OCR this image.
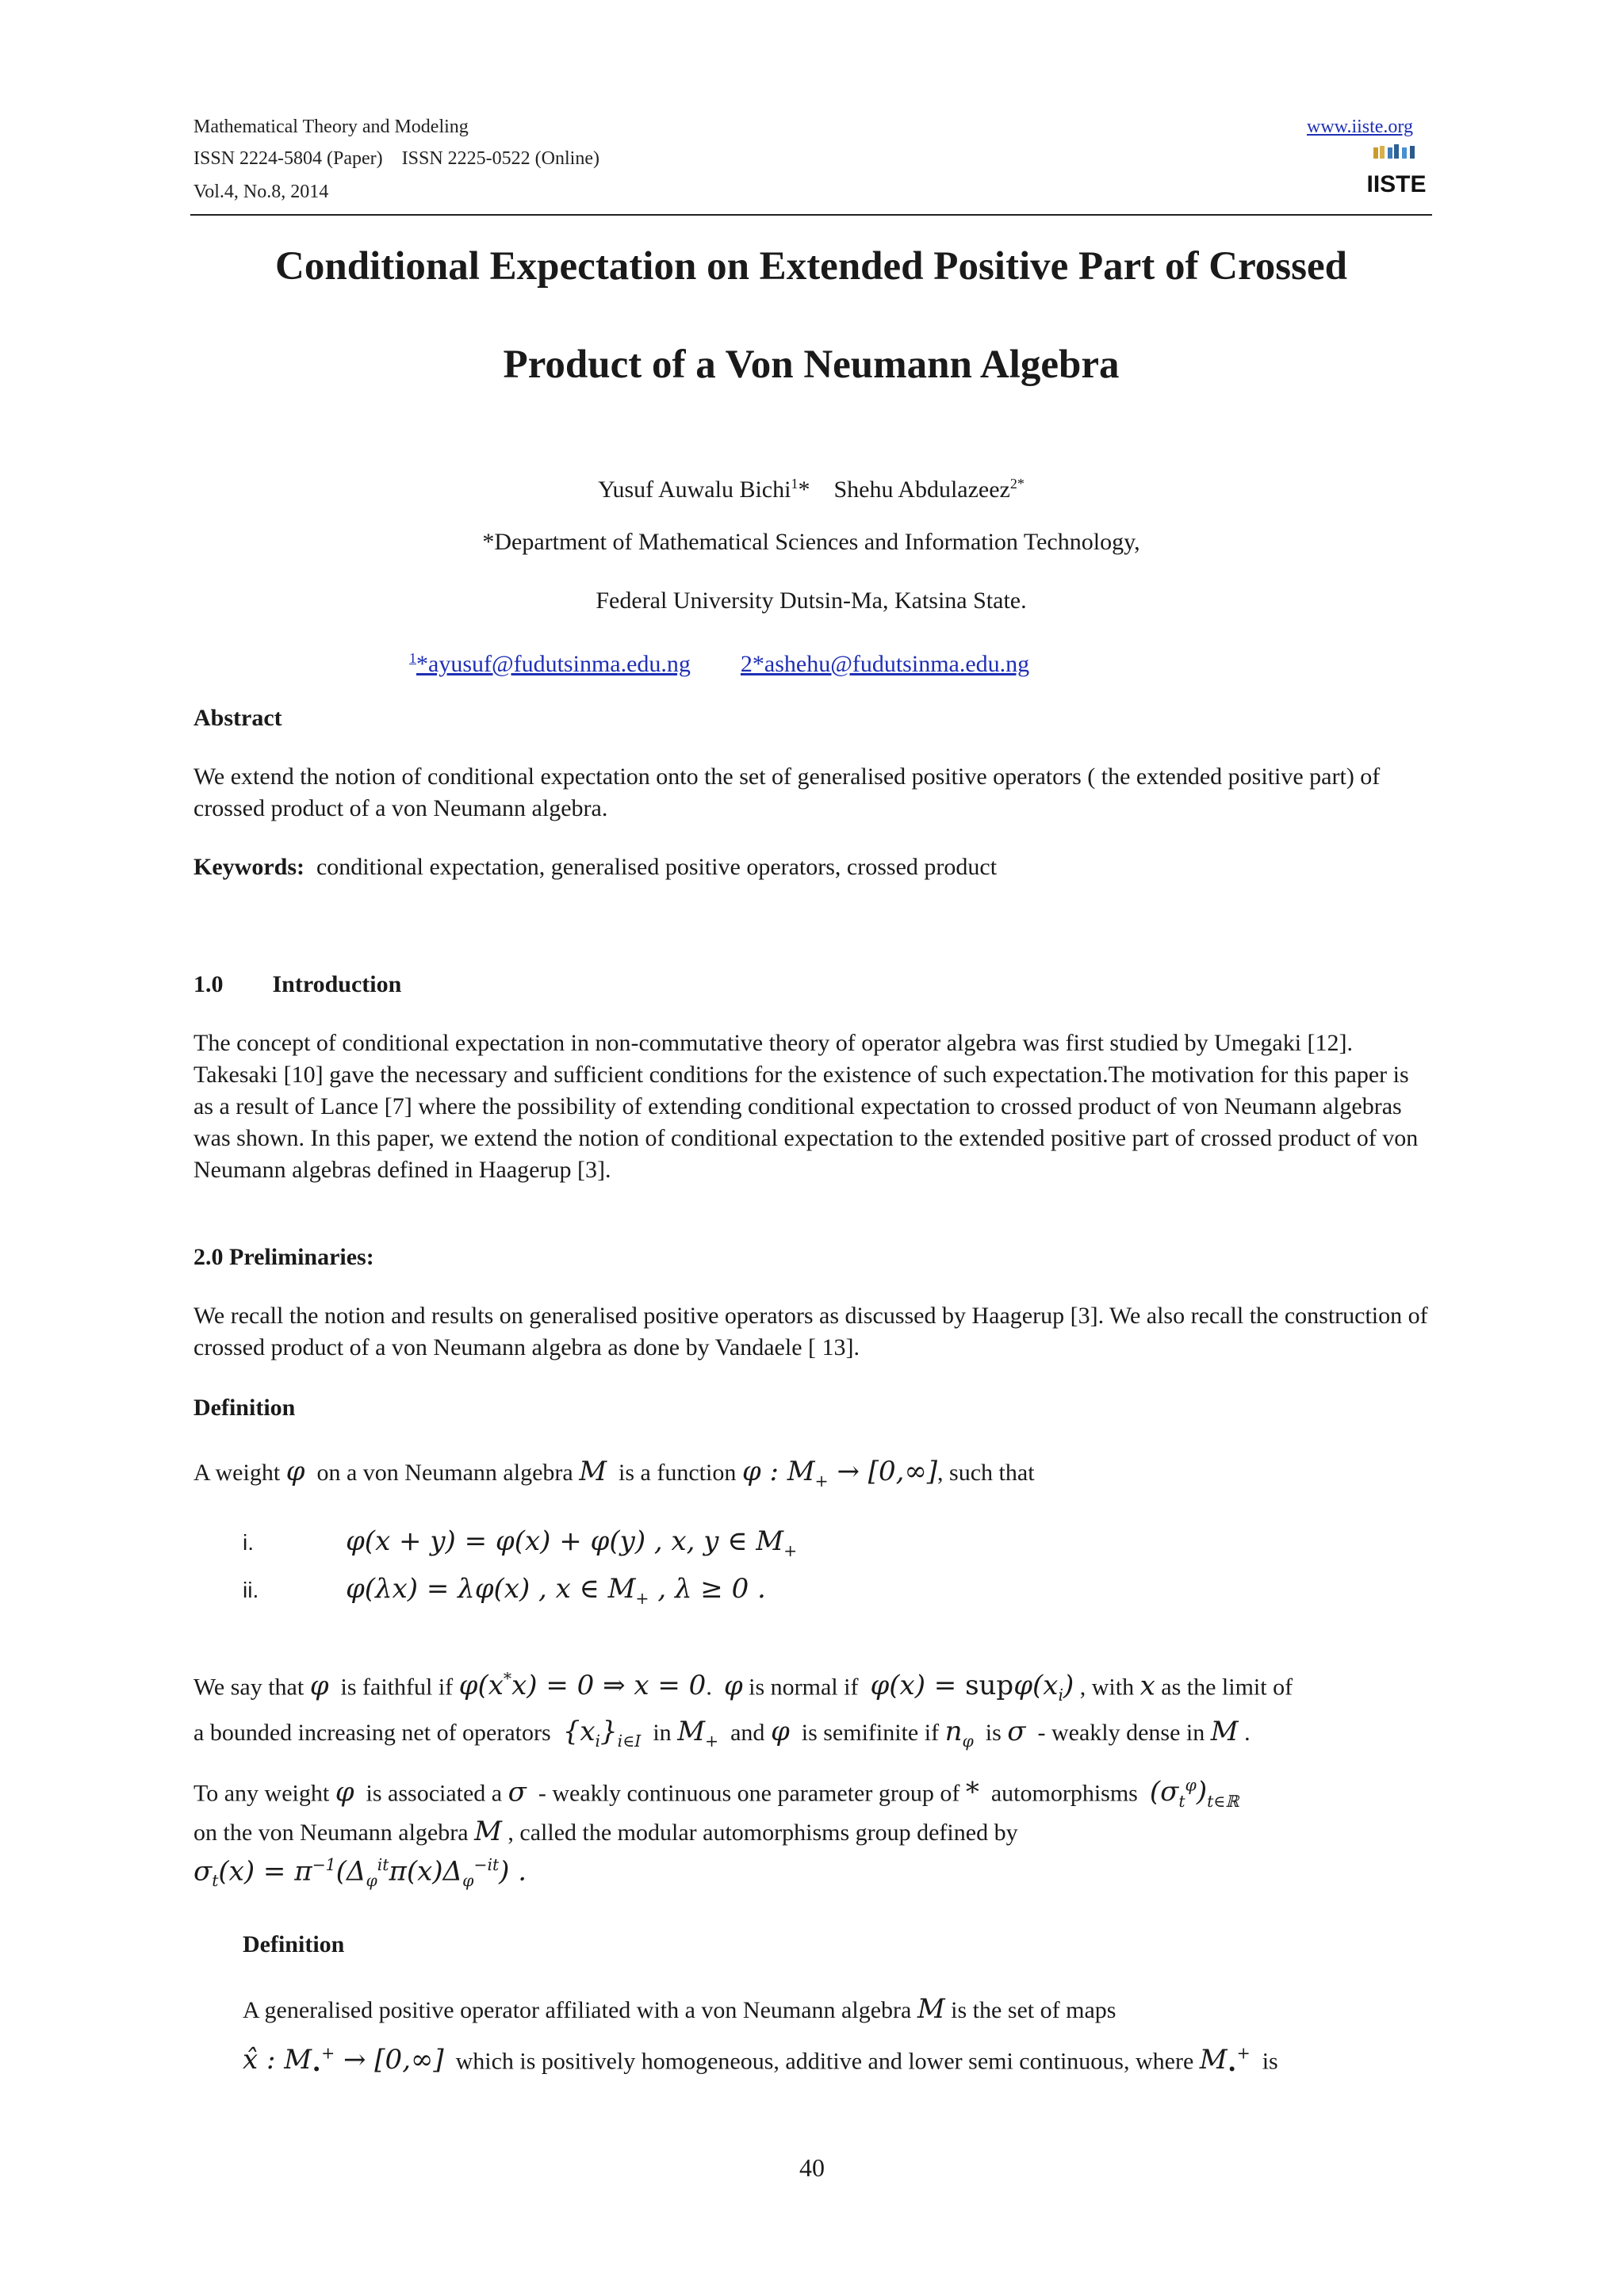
Mathematical Theory and Modeling
ISSN 2224-5804 (Paper)    ISSN 2225-0522 (Online)
Vol.4, No.8, 2014
www.iiste.org
IISTE
Conditional Expectation on Extended Positive Part of Crossed
Product of a Von Neumann Algebra
Yusuf Auwalu Bichi$^1$* Shehu Abdulazeez$^{2*}$
*Department of Mathematical Sciences and Information Technology,
Federal University Dutsin-Ma, Katsina State.
$^1$*ayusuf@fudutsinma.edu.ng 2*ashehu@fudutsinma.edu.ng
Abstract
We extend the notion of conditional expectation onto the set of generalised positive operators ( the extended positive part) of crossed product of a von Neumann algebra.
Keywords: conditional expectation, generalised positive operators, crossed product
1.0 Introduction
The concept of conditional expectation in non-commutative theory of operator algebra was first studied by Umegaki [12]. Takesaki [10] gave the necessary and sufficient conditions for the existence of such expectation.The motivation for this paper is as a result of Lance [7] where the possibility of extending conditional expectation to crossed product of von Neumann algebras was shown. In this paper, we extend the notion of conditional expectation to the extended positive part of crossed product of von Neumann algebras defined in Haagerup [3].
2.0 Preliminaries:
We recall the notion and results on generalised positive operators as discussed by Haagerup [3]. We also recall the construction of crossed product of a von Neumann algebra as done by Vandaele [ 13].
Definition
A weight φ on a von Neumann algebra M is a function φ : $M_+ \to [0,\infty]$, such that
i.	φ(x + y) = φ(x) + φ(y) , x, y ∈ $M_+$
ii.	φ(λx) = λφ(x) , x ∈ $M_+$ , λ ≥ 0 .
We say that φ is faithful if φ(x*x) = 0 ⇒ x = 0.  φ is normal if $\varphi(x) = sup\varphi(x_i)$ , with x as the limit of
a bounded increasing net of operators $\{x_i\}_{i\in I}$ in $M_+$ and φ is semifinite if $n_\varphi$ is σ - weakly dense in M .
To any weight φ is associated a σ - weakly continuous one parameter group of * automorphisms $(\sigma_t^\varphi)_{t\in ℝ}$
on the von Neumann algebra M , called the modular automorphisms group defined by
$\sigma_t(x) = \pi^{-1}(\Delta_\varphi^{it}\pi(x)\Delta_\varphi^{-it})$ .
Definition
A generalised positive operator affiliated with a von Neumann algebra M is the set of maps
x̂ : $M_•^+ \to [0,\infty]$ which is positively homogeneous, additive and lower semi continuous, where $M_•^+$ is
40
